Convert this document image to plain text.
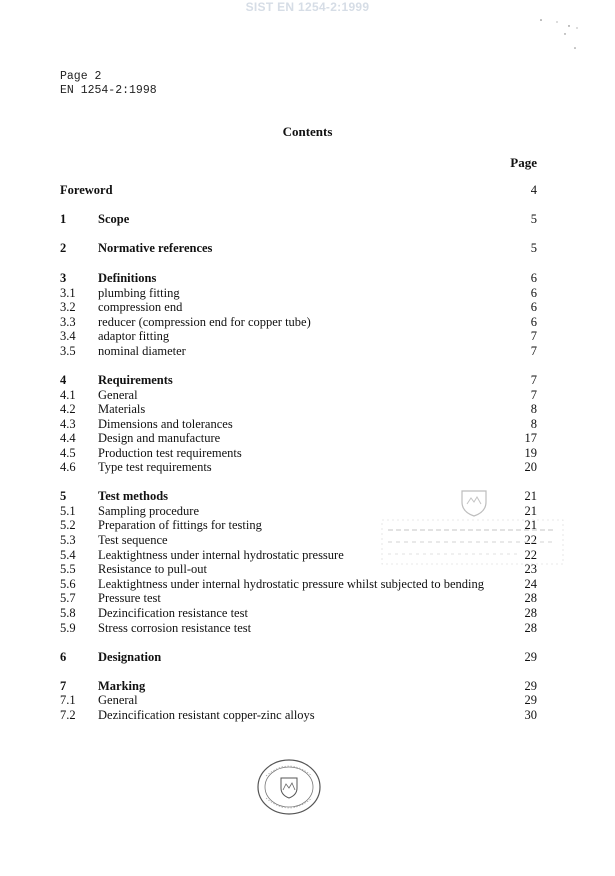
SIST EN 1254-2:1999
Page 2
EN 1254-2:1998
Contents
Page
Foreword	4
1	Scope	5
2	Normative references	5
3	Definitions	6
3.1 plumbing fitting	6
3.2 compression end	6
3.3 reducer (compression end for copper tube)	6
3.4 adaptor fitting	7
3.5 nominal diameter	7
4	Requirements	7
4.1 General	7
4.2 Materials	8
4.3 Dimensions and tolerances	8
4.4 Design and manufacture	17
4.5 Production test requirements	19
4.6 Type test requirements	20
5	Test methods	21
5.1 Sampling procedure	21
5.2 Preparation of fittings for testing	21
5.3 Test sequence	22
5.4 Leaktightness under internal hydrostatic pressure	22
5.5 Resistance to pull-out	23
5.6 Leaktightness under internal hydrostatic pressure whilst subjected to bending	24
5.7 Pressure test	28
5.8 Dezincification resistance test	28
5.9 Stress corrosion resistance test	28
6	Designation	29
7	Marking	29
7.1 General	29
7.2 Dezincification resistant copper-zinc alloys	30
